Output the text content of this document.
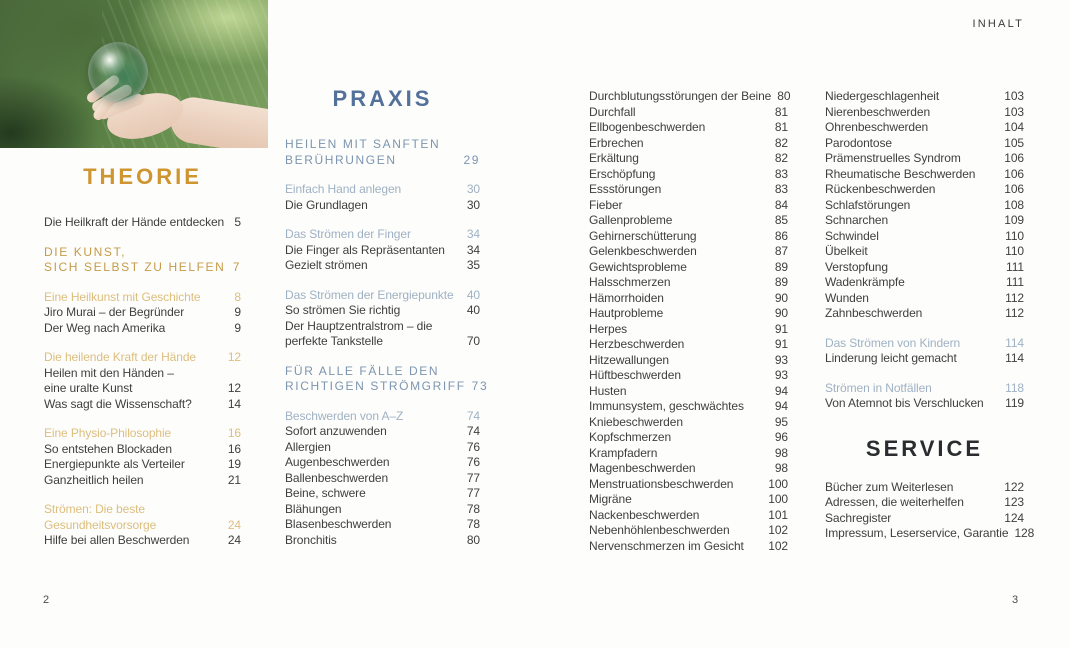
INHALT
THEORIE
Die Heilkraft der Hände entdecken 5
DIE KUNST,
SICH SELBST ZU HELFEN 7
Eine Heilkunst mit Geschichte	8
Jiro Murai – der Begründer	9
Der Weg nach Amerika	9
Die heilende Kraft der Hände	12
Heilen mit den Händen –
eine uralte Kunst	12
Was sagt die Wissenschaft?	14
Eine Physio-Philosophie	16
So entstehen Blockaden	16
Energiepunkte als Verteiler	19
Ganzheitlich heilen	21
Strömen: Die beste
Gesundheitsvorsorge	24
Hilfe bei allen Beschwerden	24
PRAXIS
HEILEN MIT SANFTEN
BERÜHRUNGEN	29
Einfach Hand anlegen	30
Die Grundlagen	30
Das Strömen der Finger	34
Die Finger als Repräsentanten	34
Gezielt strömen	35
Das Strömen der Energiepunkte	40
So strömen Sie richtig	40
Der Hauptzentralstrom – die
perfekte Tankstelle	70
FÜR ALLE FÄLLE DEN
RICHTIGEN STRÖMGRIFF 73
Beschwerden von A–Z	74
Sofort anzuwenden	74
Allergien	76
Augenbeschwerden	76
Ballenbeschwerden	77
Beine, schwere	77
Blähungen	78
Blasenbeschwerden	78
Bronchitis	80
Durchblutungsstörungen der Beine 80
Durchfall	81
Ellbogenbeschwerden	81
Erbrechen	82
Erkältung	82
Erschöpfung	83
Essstörungen	83
Fieber	84
Gallenprobleme	85
Gehirnerschütterung	86
Gelenkbeschwerden	87
Gewichtsprobleme	89
Halsschmerzen	89
Hämorrhoiden	90
Hautprobleme	90
Herpes	91
Herzbeschwerden	91
Hitzewallungen	93
Hüftbeschwerden	93
Husten	94
Immunsystem, geschwächtes	94
Kniebeschwerden	95
Kopfschmerzen	96
Krampfadern	98
Magenbeschwerden	98
Menstruationsbeschwerden	100
Migräne	100
Nackenbeschwerden	101
Nebenhöhlenbeschwerden	102
Nervenschmerzen im Gesicht	102
Niedergeschlagenheit	103
Nierenbeschwerden	103
Ohrenbeschwerden	104
Parodontose	105
Prämenstruelles Syndrom	106
Rheumatische Beschwerden	106
Rückenbeschwerden	106
Schlafstörungen	108
Schnarchen	109
Schwindel	110
Übelkeit	110
Verstopfung	111
Wadenkrämpfe	111
Wunden	112
Zahnbeschwerden	112
Das Strömen von Kindern	114
Linderung leicht gemacht	114
Strömen in Notfällen	118
Von Atemnot bis Verschlucken	119
SERVICE
Bücher zum Weiterlesen	122
Adressen, die weiterhelfen	123
Sachregister	124
Impressum, Leserservice, Garantie 128
2	3
